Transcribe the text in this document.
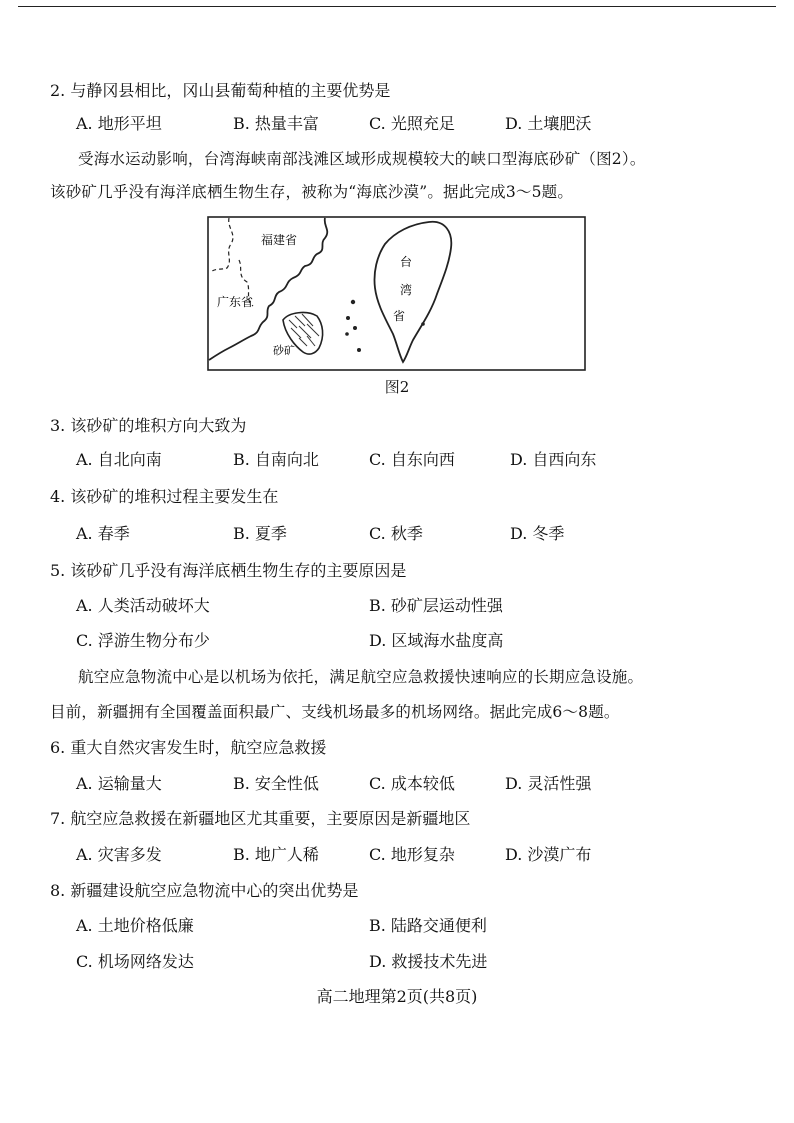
2. 与静冈县相比，冈山县葡萄种植的主要优势是
A. 地形平坦	B. 热量丰富	C. 光照充足	D. 土壤肥沃
受海水运动影响，台湾海峡南部浅滩区域形成规模较大的峡口型海底砂矿（图2）。
该砂矿几乎没有海洋底栖生物生存，被称为“海底沙漠”。据此完成3～5题。
福建省
广东省
台
湾
省
砂矿
图2
3. 该砂矿的堆积方向大致为
A. 自北向南	B. 自南向北	C. 自东向西	D. 自西向东
4. 该砂矿的堆积过程主要发生在
A. 春季	B. 夏季	C. 秋季	D. 冬季
5. 该砂矿几乎没有海洋底栖生物生存的主要原因是
A. 人类活动破坏大	B. 砂矿层运动性强
C. 浮游生物分布少	D. 区域海水盐度高
航空应急物流中心是以机场为依托，满足航空应急救援快速响应的长期应急设施。
目前，新疆拥有全国覆盖面积最广、支线机场最多的机场网络。据此完成6～8题。
6. 重大自然灾害发生时，航空应急救援
A. 运输量大	B. 安全性低	C. 成本较低	D. 灵活性强
7. 航空应急救援在新疆地区尤其重要，主要原因是新疆地区
A. 灾害多发	B. 地广人稀	C. 地形复杂	D. 沙漠广布
8. 新疆建设航空应急物流中心的突出优势是
A. 土地价格低廉	B. 陆路交通便利
C. 机场网络发达	D. 救援技术先进
高二地理第2页(共8页)
